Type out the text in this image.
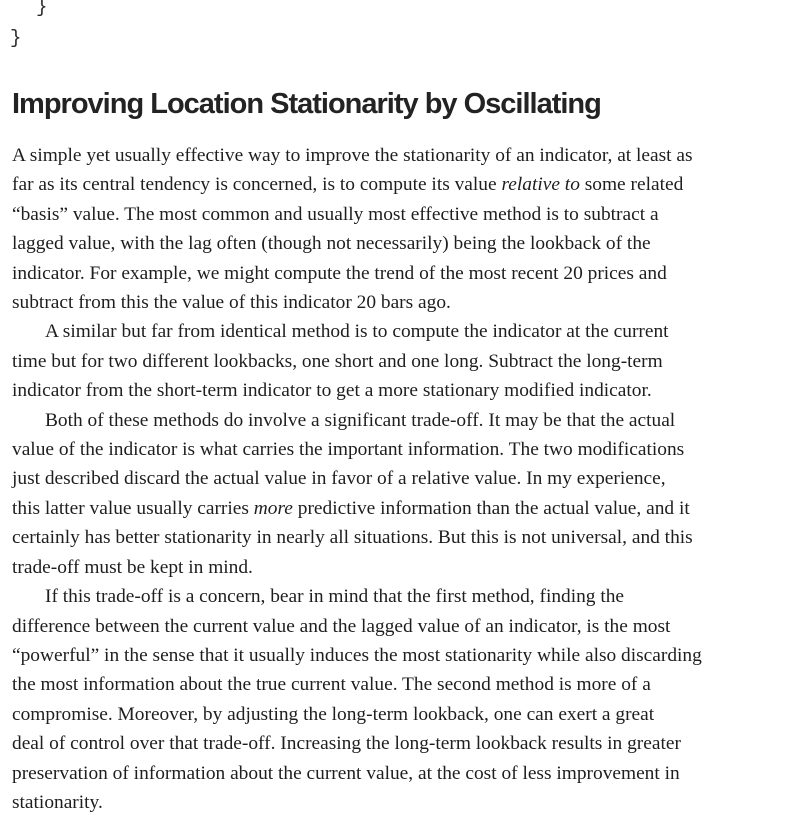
}
}
Improving Location Stationarity by Oscillating

A simple yet usually effective way to improve the stationarity of an indicator, at least as
far as its central tendency is concerned, is to compute its value relative to some related
“basis” value. The most common and usually most effective method is to subtract a
lagged value, with the lag often (though not necessarily) being the lookback of the
indicator. For example, we might compute the trend of the most recent 20 prices and
subtract from this the value of this indicator 20 bars ago.

A similar but far from identical method is to compute the indicator at the current
time but for two different lookbacks, one short and one long. Subtract the long-term
indicator from the short-term indicator to get a more stationary modified indicator.

Both of these methods do involve a significant trade-off. It may be that the actual
value of the indicator is what carries the important information. The two modifications
just described discard the actual value in favor of a relative value. In my experience,
this latter value usually carries more predictive information than the actual value, and it
certainly has better stationarity in nearly all situations. But this is not universal, and this
trade-off must be kept in mind.

If this trade-off is a concern, bear in mind that the first method, finding the
difference between the current value and the lagged value of an indicator, is the most
“powerful” in the sense that it usually induces the most stationarity while also discarding
the most information about the true current value. The second method is more of a
compromise. Moreover, by adjusting the long-term lookback, one can exert a great
deal of control over that trade-off. Increasing the long-term lookback results in greater
preservation of information about the current value, at the cost of less improvement in
stationarity.
